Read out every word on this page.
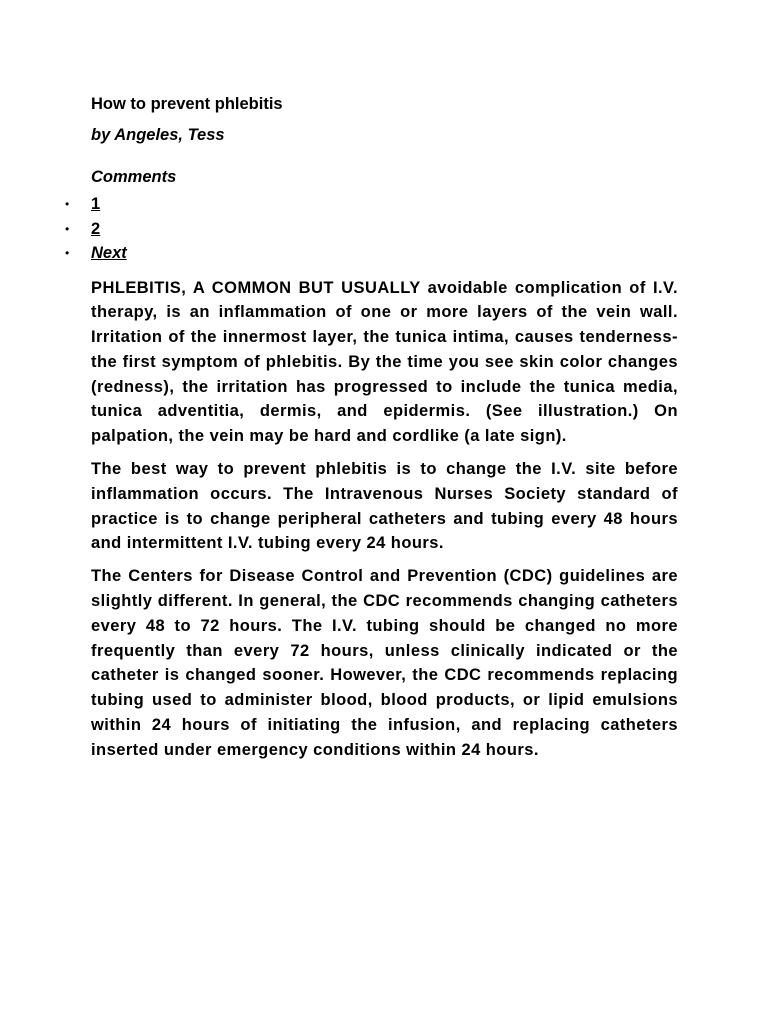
How to prevent phlebitis

by Angeles, Tess

Comments

• 1
• 2
• Next

PHLEBITIS, A COMMON BUT USUALLY avoidable complication of I.V. therapy, is an inflammation of one or more layers of the vein wall. Irritation of the innermost layer, the tunica intima, causes tenderness-the first symptom of phlebitis. By the time you see skin color changes (redness), the irritation has progressed to include the tunica media, tunica adventitia, dermis, and epidermis. (See illustration.) On palpation, the vein may be hard and cordlike (a late sign).

The best way to prevent phlebitis is to change the I.V. site before inflammation occurs. The Intravenous Nurses Society standard of practice is to change peripheral catheters and tubing every 48 hours and intermittent I.V. tubing every 24 hours.

The Centers for Disease Control and Prevention (CDC) guidelines are slightly different. In general, the CDC recommends changing catheters every 48 to 72 hours. The I.V. tubing should be changed no more frequently than every 72 hours, unless clinically indicated or the catheter is changed sooner. However, the CDC recommends replacing tubing used to administer blood, blood products, or lipid emulsions within 24 hours of initiating the infusion, and replacing catheters inserted under emergency conditions within 24 hours.
